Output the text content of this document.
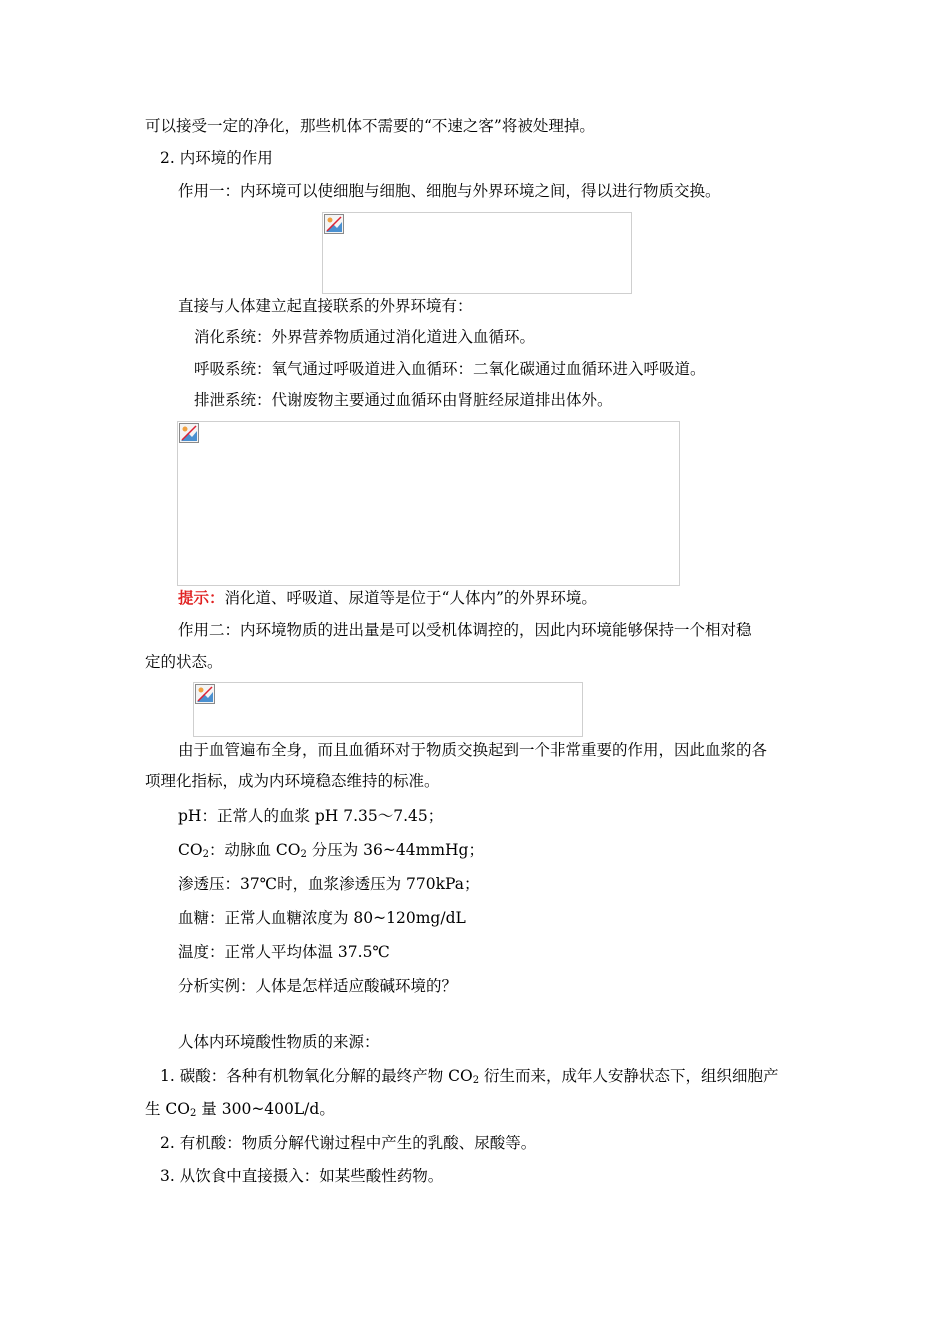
可以接受一定的净化，那些机体不需要的“不速之客”将被处理掉。
2. 内环境的作用
作用一：内环境可以使细胞与细胞、细胞与外界环境之间，得以进行物质交换。
直接与人体建立起直接联系的外界环境有：
消化系统：外界营养物质通过消化道进入血循环。
呼吸系统：氧气通过呼吸道进入血循环：二氧化碳通过血循环进入呼吸道。
排泄系统：代谢废物主要通过血循环由肾脏经尿道排出体外。
提示：消化道、呼吸道、尿道等是位于“人体内”的外界环境。
作用二：内环境物质的进出量是可以受机体调控的，因此内环境能够保持一个相对稳
定的状态。
由于血管遍布全身，而且血循环对于物质交换起到一个非常重要的作用，因此血浆的各
项理化指标，成为内环境稳态维持的标准。
pH：正常人的血浆 pH 7.35～7.45；
$CO_2$：动脉血 $CO_2$ 分压为 36~44mmHg；
渗透压：37℃时，血浆渗透压为 770kPa；
血糖：正常人血糖浓度为 80~120mg/dL
温度：正常人平均体温 37.5℃
分析实例：人体是怎样适应酸碱环境的？
人体内环境酸性物质的来源：
1. 碳酸：各种有机物氧化分解的最终产物 $CO_2$ 衍生而来，成年人安静状态下，组织细胞产
生 $CO_2$ 量 300~400L/d。
2. 有机酸：物质分解代谢过程中产生的乳酸、尿酸等。
3. 从饮食中直接摄入：如某些酸性药物。
